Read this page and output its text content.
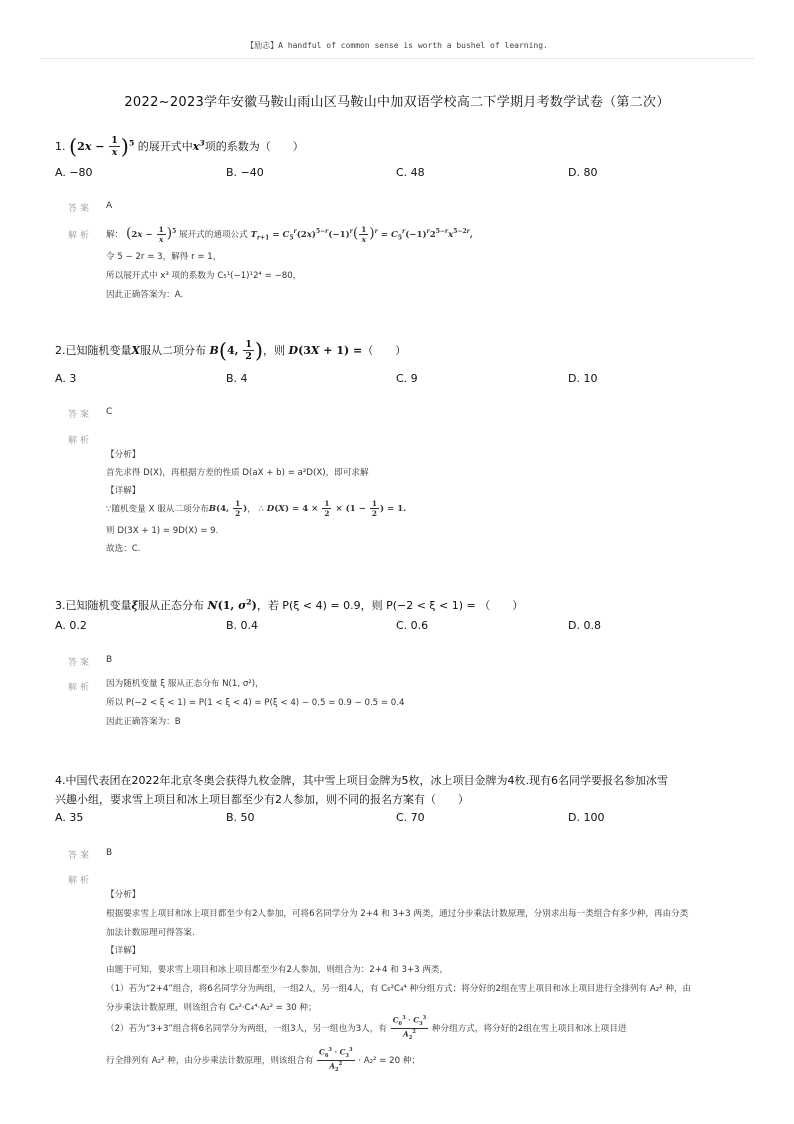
【励志】A handful of common sense is worth a bushel of learning.
2022~2023学年安徽马鞍山雨山区马鞍山中加双语学校高二下学期月考数学试卷（第二次）
1. $(2x - \frac{1}{x} )^5$ 的展开式中$x^3$项的系数为（　　）
A. −80	B. −40	C. 48	D. 80
答案 A
解析 解： $(2x - \frac{1}{x} )^5$ 展开式的通项公式 $T_{r+1} = C_5^r(2x)^{5-r}(-1)^r( \frac{1}{x} )^r = C_5^r(-1)^r2^{5-r}x^{5-2r}$,
令 5 − 2r = 3，解得 r = 1，
所以展开式中 x³ 项的系数为 C₅¹(−1)¹2⁴ = −80，
因此正确答案为：A.
2.已知随机变量X服从二项分布 B(4, $\frac{1}{2}$ )，则 D(3X + 1) =（　　）
A. 3	B. 4	C. 9	D. 10
答案 C
解析
【分析】
首先求得 D(X)，再根据方差的性质 D(aX + b) = a²D(X)，即可求解
【详解】
∵随机变量 X 服从二项分布B(4, $\frac{1}{2}$ )， ∴ $D(X) = 4 \times \frac{1}{2} \times (1 - \frac{1}{2}$ ) = 1.
则 D(3X + 1) = 9D(X) = 9.
故选：C.
3.已知随机变量ξ服从正态分布 N(1, $\sigma^2$)，若 P(ξ < 4) = 0.9，则 P(−2 < ξ < 1) = （　　）
A. 0.2	B. 0.4	C. 0.6	D. 0.8
答案 B
解析 因为随机变量 ξ 服从正态分布 N(1, σ²)，
所以 P(−2 < ξ < 1) = P(1 < ξ < 4) = P(ξ < 4) − 0.5 = 0.9 − 0.5 = 0.4
因此正确答案为：B
4.中国代表团在2022年北京冬奥会获得九枚金牌，其中雪上项目金牌为5枚，冰上项目金牌为4枚.现有6名同学要报名参加冰雪兴趣小组，要求雪上项目和冰上项目都至少有2人参加，则不同的报名方案有（　　）
A. 35	B. 50	C. 70	D. 100
答案 B
解析
【分析】
根据要求雪上项目和冰上项目都至少有2人参加，可将6名同学分为 2+4 和 3+3 两类，通过分步乘法计数原理，分别求出每一类组合有多少种，再由分类加法计数原理可得答案.
【详解】
由题干可知，要求雪上项目和冰上项目都至少有2人参加，则组合为：2+4 和 3+3 两类，
（1）若为“2+4”组合，将6名同学分为两组，一组2人，另一组4人，有 C₆²C₄⁴ 种分组方式；将分好的2组在雪上项目和冰上项目进行全排列有 A₂² 种，由分步乘法计数原理，则该组合有 C₆²·C₄⁴·A₂² = 30 种；
（2）若为“3+3”组合将6名同学分为两组，一组3人，另一组也为3人，有 $\frac{C_6^3 \cdot C_3^3}{A_2^2}$ 种分组方式，将分好的2组在雪上项目和冰上项目进
行全排列有 A₂² 种，由分步乘法计数原理，则该组合有 $\frac{C_6^3 \cdot C_3^3}{A_2^2} \cdot A_2^2 = 20$ 种；
